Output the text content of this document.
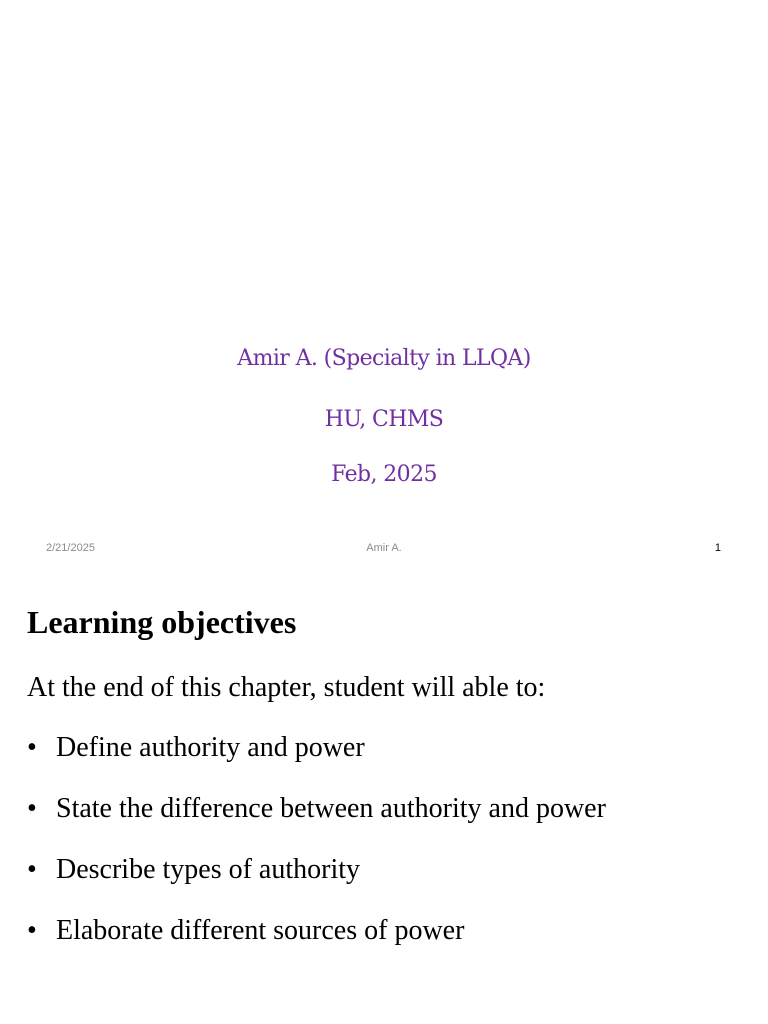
Amir A. (Specialty in LLQA)
HU, CHMS
Feb, 2025
2/21/2025	Amir A.	1
Learning objectives
At the end of this chapter, student will able to:
• Define authority and power
• State the difference between authority and power
• Describe types of authority
• Elaborate different sources of power
